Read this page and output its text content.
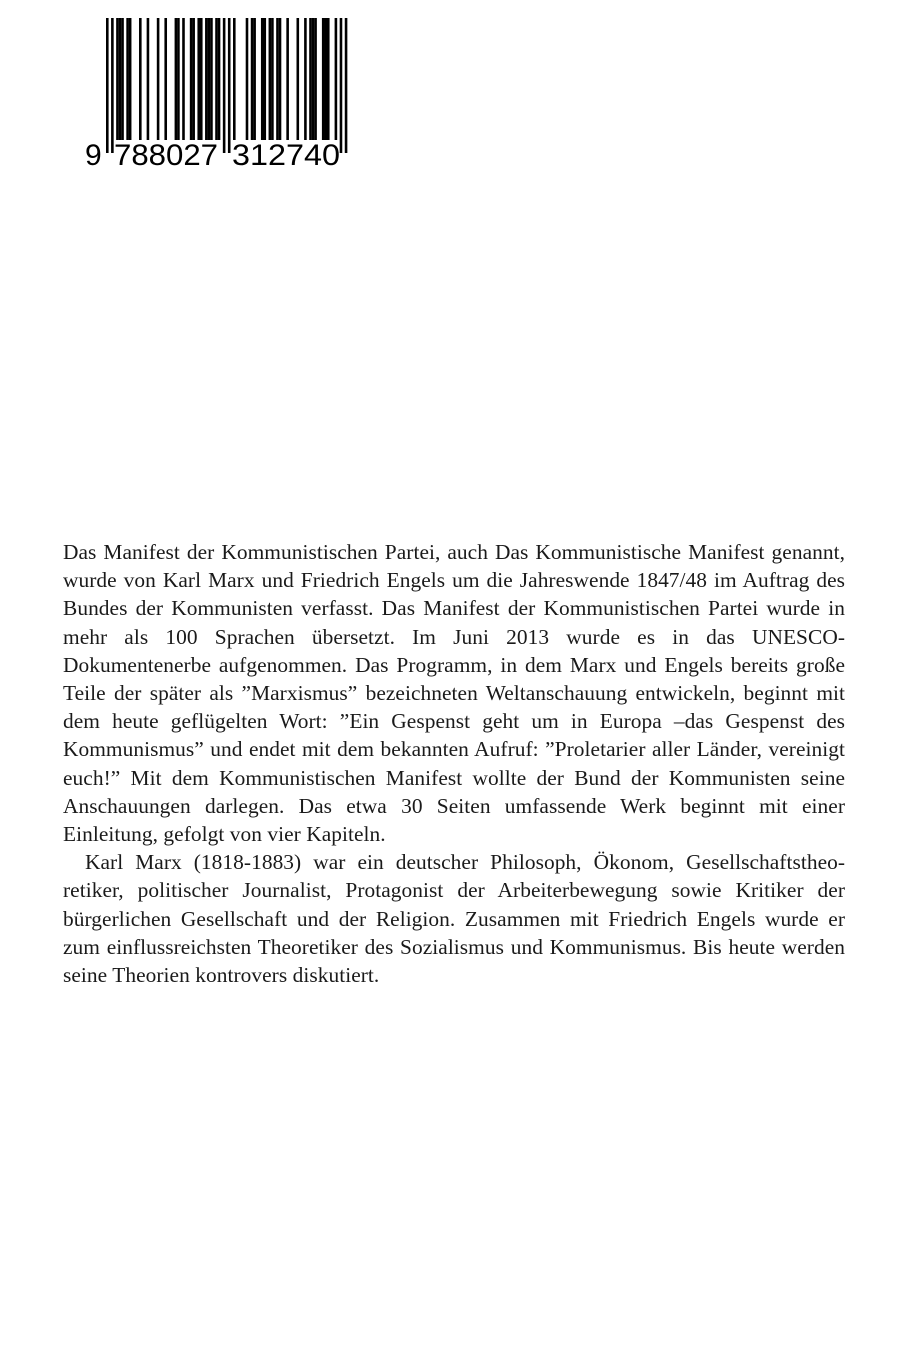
9 788027 312740

Das Manifest der Kommunistischen Partei, auch Das Kommunistische Manifest genannt, wurde von Karl Marx und Friedrich Engels um die Jahreswende 1847/48 im Auftrag des Bundes der Kommunisten verfasst. Das Manifest der Kommunistischen Partei wurde in mehr als 100 Sprachen übersetzt. Im Juni 2013 wurde es in das UNESCO-Dokumentenerbe aufgenommen. Das Programm, in dem Marx und Engels bereits große Teile der später als ”Marxismus” bezeichneten Weltanschauung entwickeln, beginnt mit dem heute geflügelten Wort: ”Ein Gespenst geht um in Europa –das Gespenst des Kommunismus” und endet mit dem bekannten Aufruf: ”Proletarier aller Länder, vereinigt euch!” Mit dem Kommunistischen Manifest wollte der Bund der Kommunisten seine Anschauungen darlegen. Das etwa 30 Seiten umfassende Werk beginnt mit einer Einleitung, gefolgt von vier Kapiteln.

Karl Marx (1818-1883) war ein deutscher Philosoph, Ökonom, Gesellschaftstheoretiker, politischer Journalist, Protagonist der Arbeiterbewegung sowie Kritiker der bürgerlichen Gesellschaft und der Religion. Zusammen mit Friedrich Engels wurde er zum einflussreichsten Theoretiker des Sozialismus und Kommunismus. Bis heute werden seine Theorien kontrovers diskutiert.
